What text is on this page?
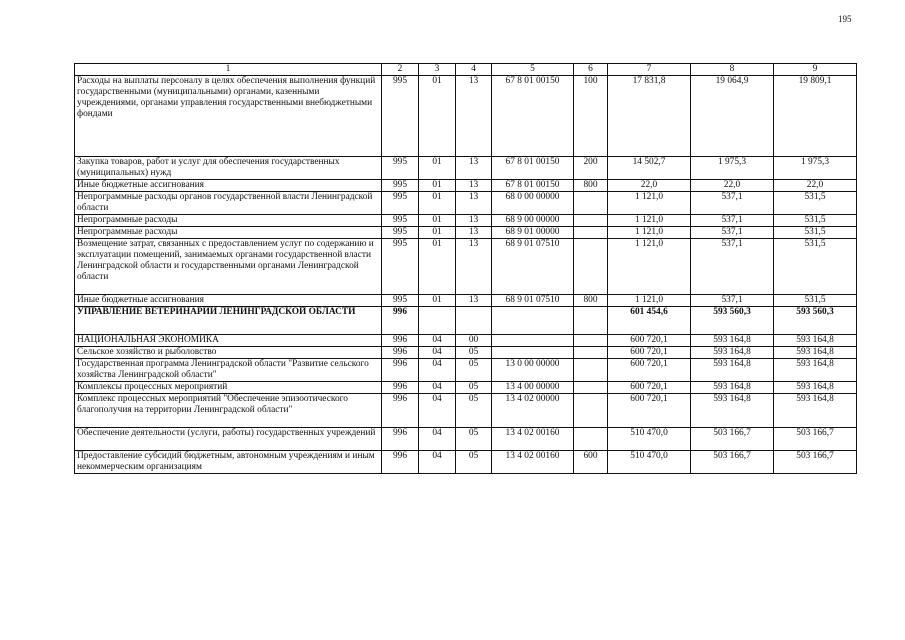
195
1	2	3	4	5	6	7	8	9
Расходы на выплаты персоналу в целях обеспечения выполнения функций государственными (муниципальными) органами, казенными учреждениями, органами управления государственными внебюджетными фондами	995	01	13	67 8 01 00150	100	17 831,8	19 064,9	19 809,1
Закупка товаров, работ и услуг для обеспечения государственных (муниципальных) нужд	995	01	13	67 8 01 00150	200	14 502,7	1 975,3	1 975,3
Иные бюджетные ассигнования	995	01	13	67 8 01 00150	800	22,0	22,0	22,0
Непрограммные расходы органов государственной власти Ленинградской области	995	01	13	68 0 00 00000		1 121,0	537,1	531,5
Непрограммные расходы	995	01	13	68 9 00 00000		1 121,0	537,1	531,5
Непрограммные расходы	995	01	13	68 9 01 00000		1 121,0	537,1	531,5
Возмещение затрат, связанных с предоставлением услуг по содержанию и эксплуатации помещений, занимаемых органами государственной власти Ленинградской области и государственными органами Ленинградской области	995	01	13	68 9 01 07510		1 121,0	537,1	531,5
Иные бюджетные ассигнования	995	01	13	68 9 01 07510	800	1 121,0	537,1	531,5
УПРАВЛЕНИЕ ВЕТЕРИНАРИИ ЛЕНИНГРАДСКОЙ ОБЛАСТИ	996					601 454,6	593 560,3	593 560,3
НАЦИОНАЛЬНАЯ ЭКОНОМИКА	996	04	00			600 720,1	593 164,8	593 164,8
Сельское хозяйство и рыболовство	996	04	05			600 720,1	593 164,8	593 164,8
Государственная программа Ленинградской области "Развитие сельского хозяйства Ленинградской области"	996	04	05	13 0 00 00000		600 720,1	593 164,8	593 164,8
Комплексы процессных мероприятий	996	04	05	13 4 00 00000		600 720,1	593 164,8	593 164,8
Комплекс процессных мероприятий "Обеспечение эпизоотического благополучия на территории Ленинградской области"	996	04	05	13 4 02 00000		600 720,1	593 164,8	593 164,8
Обеспечение деятельности (услуги, работы) государственных учреждений	996	04	05	13 4 02 00160		510 470,0	503 166,7	503 166,7
Предоставление субсидий бюджетным, автономным учреждениям и иным некоммерческим организациям	996	04	05	13 4 02 00160	600	510 470,0	503 166,7	503 166,7
